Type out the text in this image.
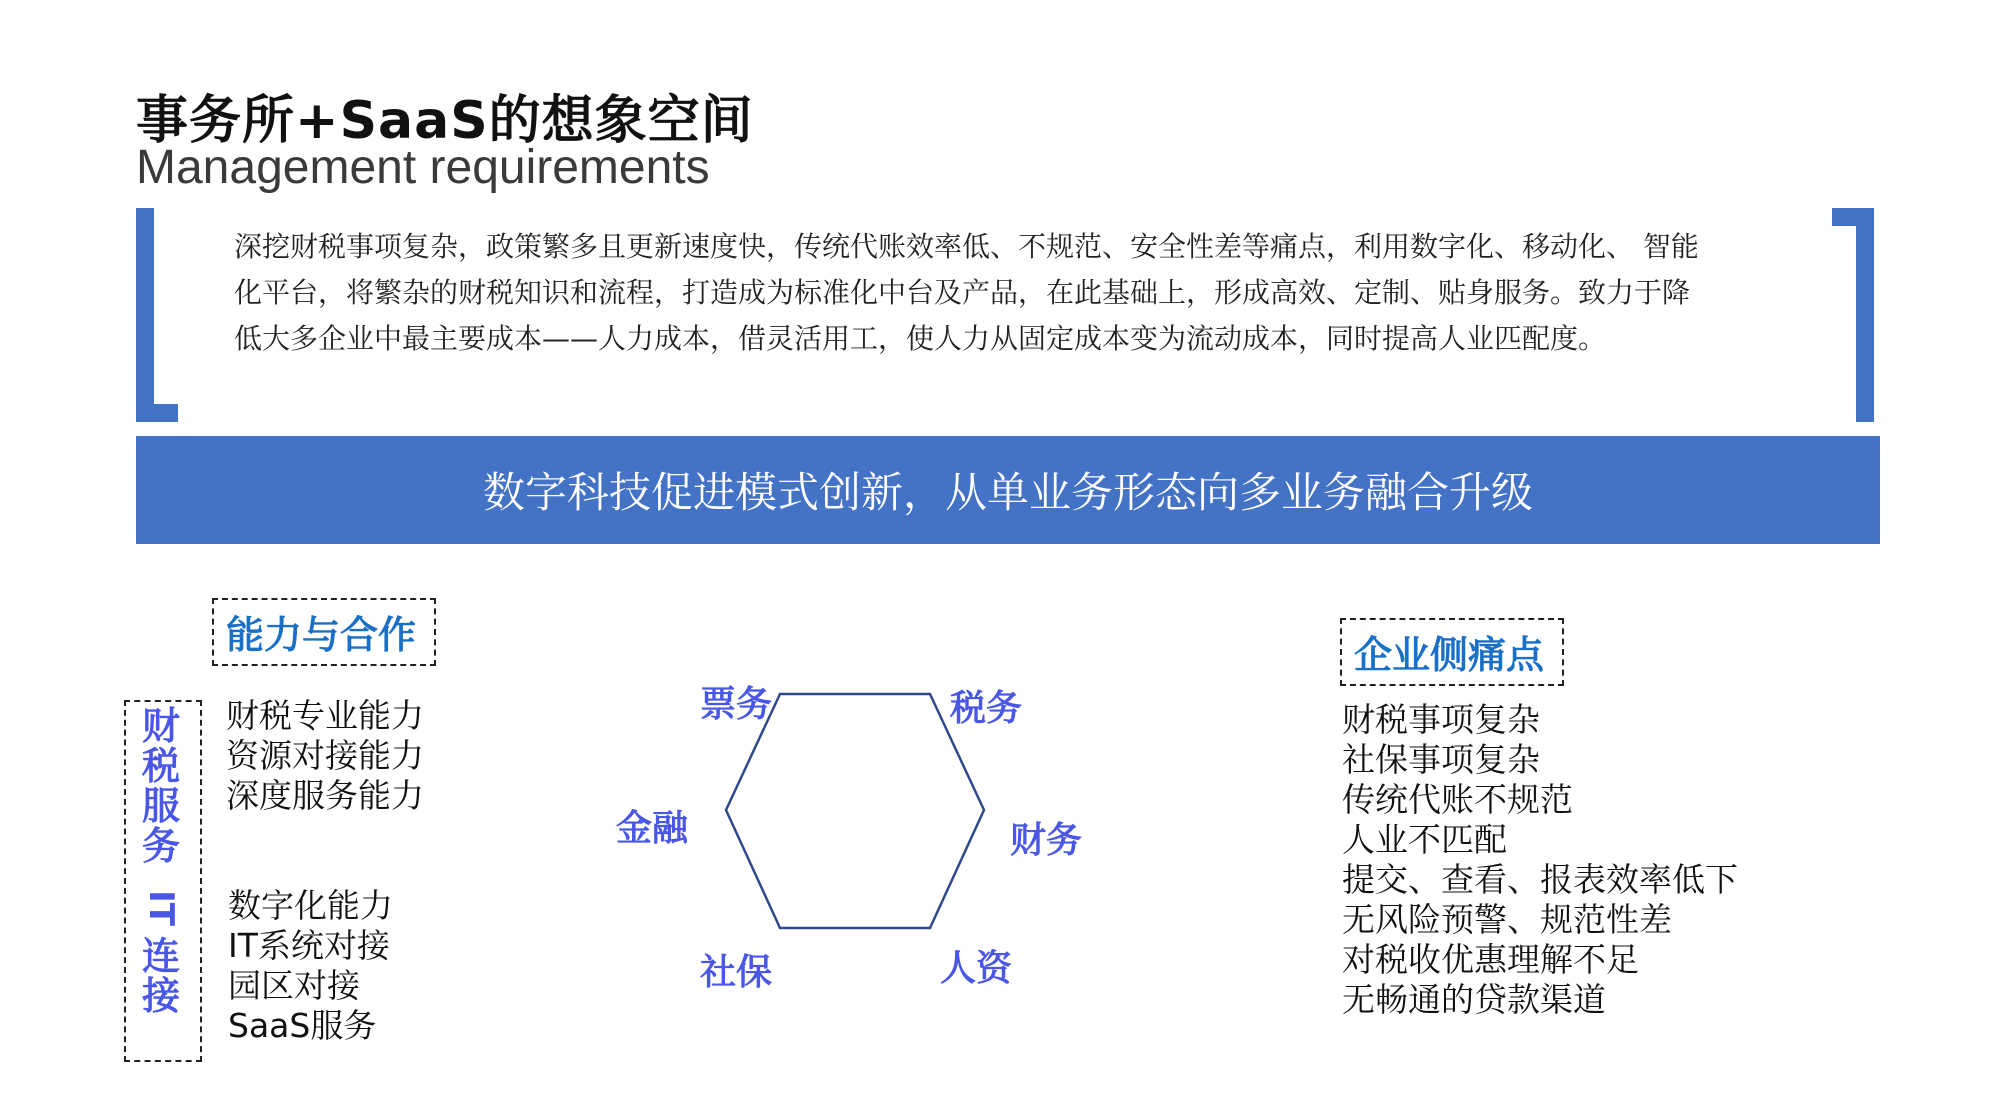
事务所+SaaS的想象空间
Management requirements
深挖财税事项复杂，政策繁多且更新速度快，传统代账效率低、不规范、安全性差等痛点，利用数字化、移动化、 智能
化平台，将繁杂的财税知识和流程，打造成为标准化中台及产品，在此基础上，形成高效、定制、贴身服务。致力于降
低大多企业中最主要成本——人力成本，借灵活用工，使人力从固定成本变为流动成本，同时提高人业匹配度。
数字科技促进模式创新，从单业务形态向多业务融合升级
能力与合作
财税服务
IT
连接
财税专业能力
资源对接能力
深度服务能力
数字化能力
IT系统对接
园区对接
SaaS服务
票务	税务
财务
人资
社保
金融
企业侧痛点
财税事项复杂
社保事项复杂
传统代账不规范
人业不匹配
提交、查看、报表效率低下
无风险预警、规范性差
对税收优惠理解不足
无畅通的贷款渠道
